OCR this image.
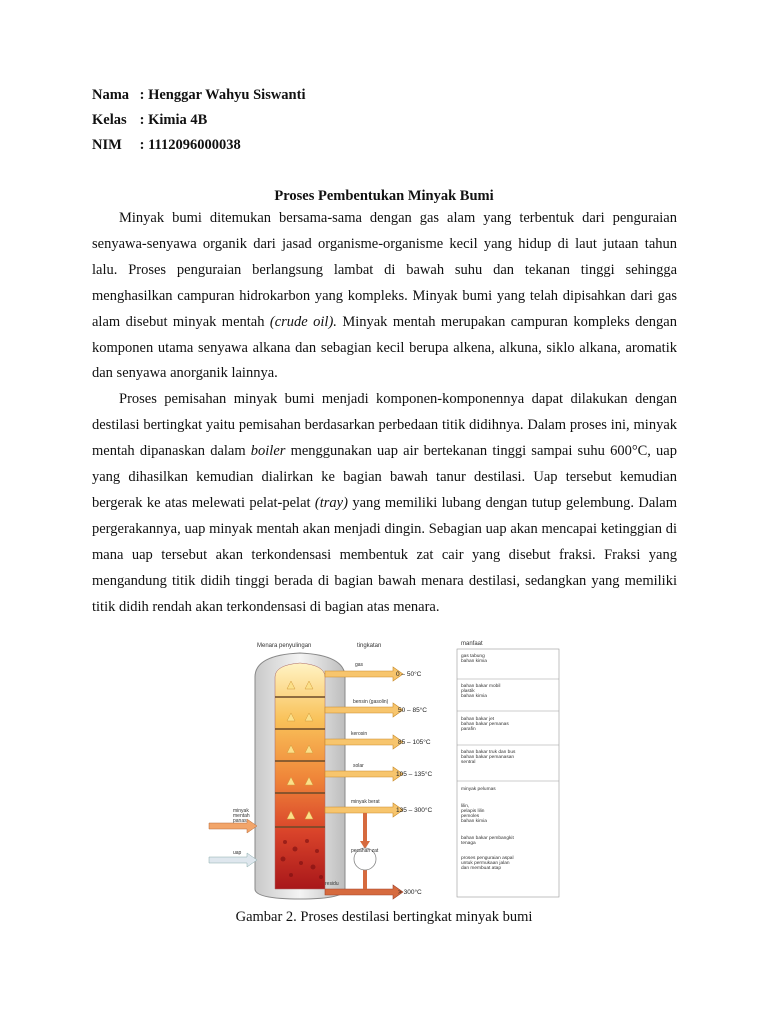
Nama : Henggar Wahyu Siswanti
Kelas : Kimia 4B
NIM : 1112096000038
Proses Pembentukan Minyak Bumi

Minyak bumi ditemukan bersama-sama dengan gas alam yang terbentuk dari penguraian senyawa-senyawa organik dari jasad organisme-organisme kecil yang hidup di laut jutaan tahun lalu. Proses penguraian berlangsung lambat di bawah suhu dan tekanan tinggi sehingga menghasilkan campuran hidrokarbon yang kompleks. Minyak bumi yang telah dipisahkan dari gas alam disebut minyak mentah (crude oil). Minyak mentah merupakan campuran kompleks dengan komponen utama senyawa alkana dan sebagian kecil berupa alkena, alkuna, siklo alkana, aromatik dan senyawa anorganik lainnya.

Proses pemisahan minyak bumi menjadi komponen-komponennya dapat dilakukan dengan destilasi bertingkat yaitu pemisahan berdasarkan perbedaan titik didihnya. Dalam proses ini, minyak mentah dipanaskan dalam boiler menggunakan uap air bertekanan tinggi sampai suhu 600°C, uap yang dihasilkan kemudian dialirkan ke bagian bawah tanur destilasi. Uap tersebut kemudian bergerak ke atas melewati pelat-pelat (tray) yang memiliki lubang dengan tutup gelembung. Dalam pergerakannya, uap minyak mentah akan menjadi dingin. Sebagian uap akan mencapai ketinggian di mana uap tersebut akan terkondensasi membentuk zat cair yang disebut fraksi. Fraksi yang mengandung titik didih tinggi berada di bagian bawah menara destilasi, sedangkan yang memiliki titik didih rendah akan terkondensasi di bagian atas menara.

Menara penyulingan	tingkatan	manfaat
pecahan zat
minyak
mentah
panas
uap
gas
bensin (gasolin)
kerosin
solar
minyak berat
residu
0 – 50°C
50 – 85°C
85 – 105°C
105 – 135°C
135 – 300°C
> 300°C
gas tabung
bahan kimia
bahan bakar mobil
plastik
bahan kimia
bahan bakar jet
bahan bakar pemanas
parafin
bahan bakar truk dan bus
bahan bakar pemanasan
sentral
minyak pelumas
lilin,
pelapis lilin
pemoles
bahan kimia
bahan bakar pembangkit
tenaga
proses penguraian aspal
untuk permukaan jalan
dan membuat atap
Gambar 2. Proses destilasi bertingkat minyak bumi
